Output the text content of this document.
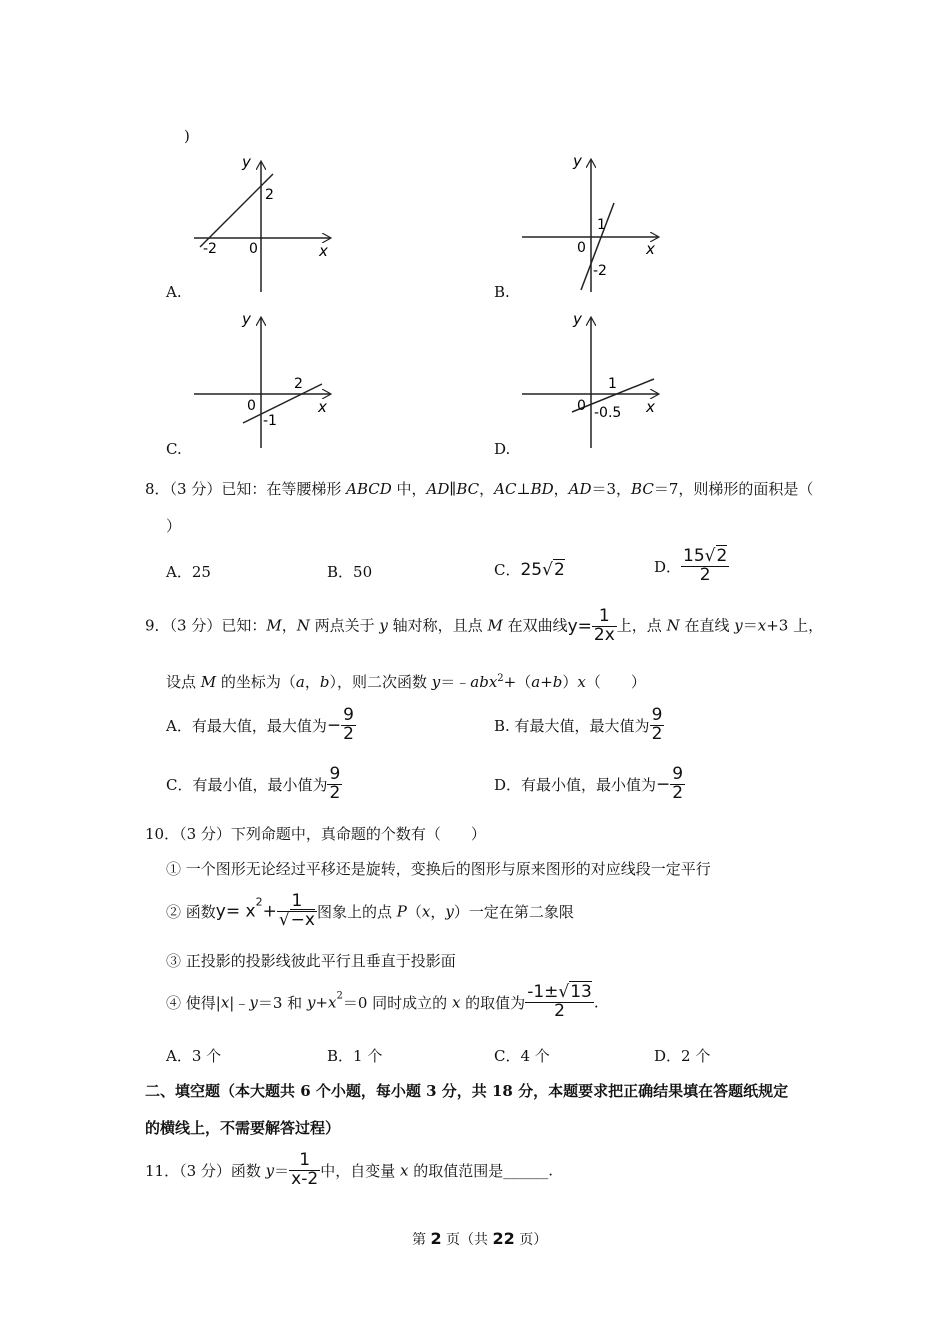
)
A.	B.
C.	D.
x
y
0
-2
2
x
y
0
1
-2
x
y
0
2
-1
x
y
0
1
-0.5
8．（3 分）已知：在等腰梯形 ABCD 中，AD∥BC，AC⊥BD，AD＝3，BC＝7，则梯形的面积是（
）
A．25	B．50	C．25√2	D． $\frac{15√2}{2}$
9．（3 分）已知：M，N 两点关于 y 轴对称，且点 M 在双曲线$y= \frac{1}{2x}$ 上，点 N 在直线 y＝x+3 上，
设点 M 的坐标为（a，b），则二次函数 y＝﹣abx$^2$+（a+b）x（　　）
A．有最大值，最大值为− $\frac{9}{2}$	B. 有最大值，最大值为 $\frac{9}{2}$
C．有最小值，最小值为 $\frac{9}{2}$	D．有最小值，最小值为− $\frac{9}{2}$
10．（3 分）下列命题中，真命题的个数有（　　）
① 一个图形无论经过平移还是旋转，变换后的图形与原来图形的对应线段一定平行
② 函数$y= x^2+ \frac{1}{√-x}$ 图象上的点 P（x，y）一定在第二象限
③ 正投影的投影线彼此平行且垂直于投影面
④ 使得|x|﹣y＝3 和 $y+x^2=0$ 同时成立的 x 的取值为 $\frac{-1\pm√13}{2}$ .
A．3 个	B．1 个	C．4 个	D．2 个
二、填空题（本大题共 6 个小题，每小题 3 分，共 18 分，本题要求把正确结果填在答题纸规定
的横线上，不需要解答过程）
11．（3 分）函数 $y= \frac{1}{x-2}$ 中，自变量 x 的取值范围是______.
第 2 页（共 22 页）
